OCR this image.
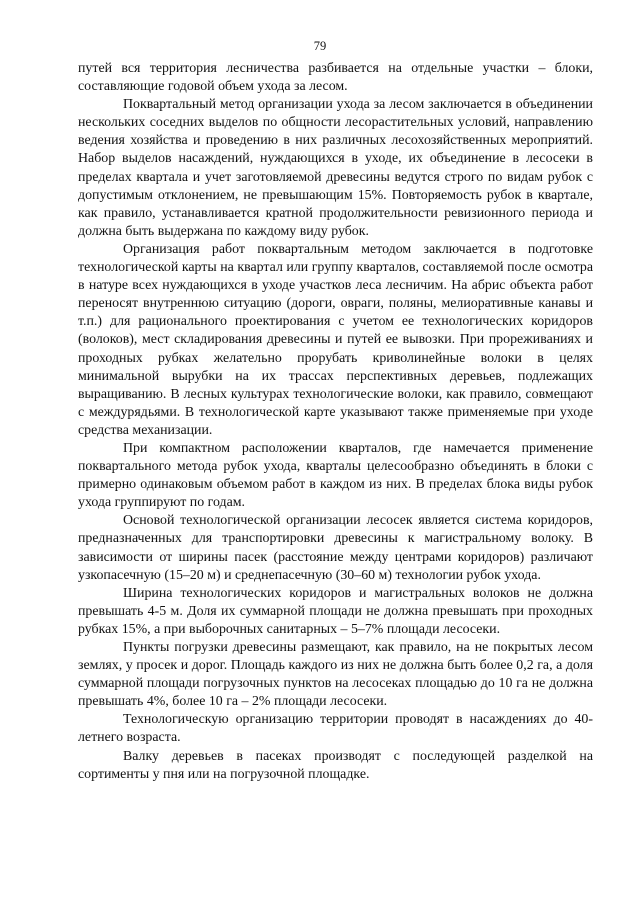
79

путей вся территория лесничества разбивается на отдельные участки – блоки, составляющие годовой объем ухода за лесом.

Поквартальный метод организации ухода за лесом заключается в объединении нескольких соседних выделов по общности лесорастительных условий, направлению ведения хозяйства и проведению в них различных лесохозяйственных мероприятий. Набор выделов насаждений, нуждающихся в уходе, их объединение в лесосеки в пределах квартала и учет заготовляемой древесины ведутся строго по видам рубок с допустимым отклонением, не превышающим 15%. Повторяемость рубок в квартале, как правило, устанавливается кратной продолжительности ревизионного периода и должна быть выдержана по каждому виду рубок.

Организация работ поквартальным методом заключается в подготовке технологической карты на квартал или группу кварталов, составляемой после осмотра в натуре всех нуждающихся в уходе участков леса лесничим. На абрис объекта работ переносят внутреннюю ситуацию (дороги, овраги, поляны, мелиоративные канавы и т.п.) для рационального проектирования с учетом ее технологических коридоров (волоков), мест складирования древесины и путей ее вывозки. При прореживаниях и проходных рубках желательно прорубать криволинейные волоки в целях минимальной вырубки на их трассах перспективных деревьев, подлежащих выращиванию. В лесных культурах технологические волоки, как правило, совмещают с междурядьями. В технологической карте указывают также применяемые при уходе средства механизации.

При компактном расположении кварталов, где намечается применение поквартального метода рубок ухода, кварталы целесообразно объединять в блоки с примерно одинаковым объемом работ в каждом из них. В пределах блока виды рубок ухода группируют по годам.

Основой технологической организации лесосек является система коридоров, предназначенных для транспортировки древесины к магистральному волоку. В зависимости от ширины пасек (расстояние между центрами коридоров) различают узкопасечную (15–20 м) и среднепасечную (30–60 м) технологии рубок ухода.

Ширина технологических коридоров и магистральных волоков не должна превышать 4-5 м. Доля их суммарной площади не должна превышать при проходных рубках 15%, а при выборочных санитарных – 5–7% площади лесосеки.

Пункты погрузки древесины размещают, как правило, на не покрытых лесом землях, у просек и дорог. Площадь каждого из них не должна быть более 0,2 га, а доля суммарной площади погрузочных пунктов на лесосеках площадью до 10 га не должна превышать 4%, более 10 га – 2% площади лесосеки.

Технологическую организацию территории проводят в насаждениях до 40-летнего возраста.

Валку деревьев в пасеках производят с последующей разделкой на сортименты у пня или на погрузочной площадке.
